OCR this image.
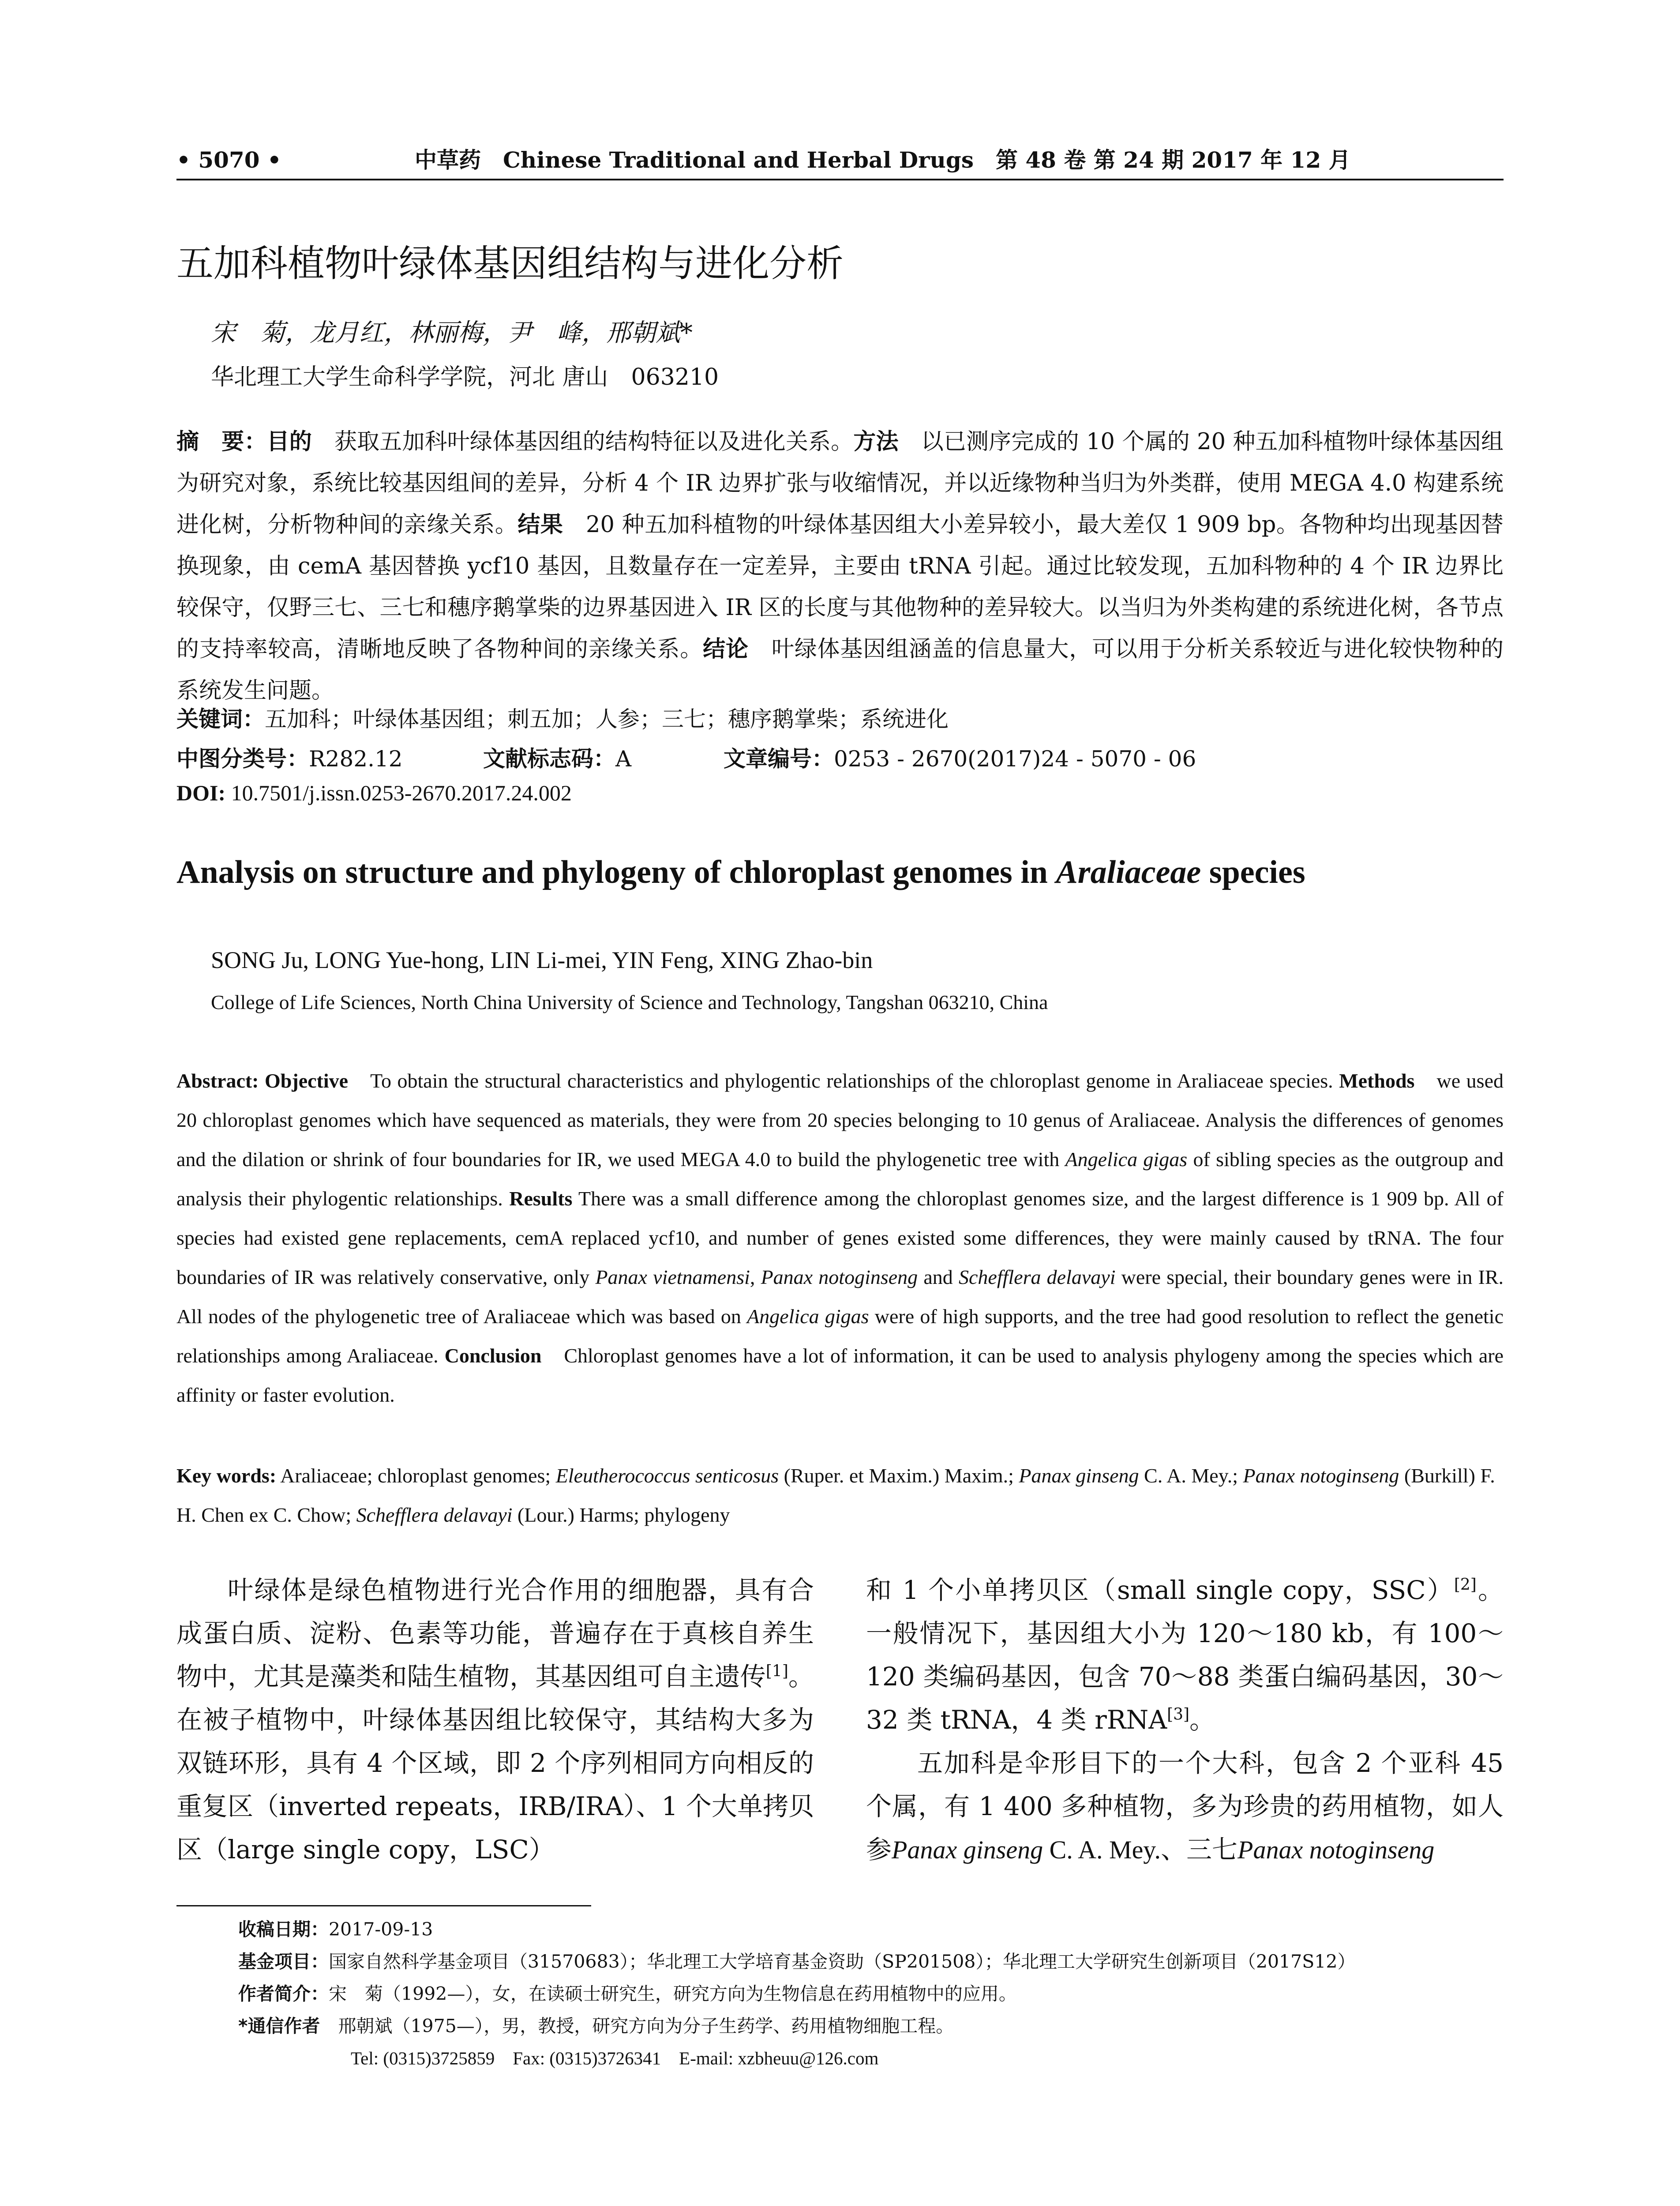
• 5070 •	中草药　Chinese Traditional and Herbal Drugs　第 48 卷 第 24 期 2017 年 12 月
五加科植物叶绿体基因组结构与进化分析
宋　菊，龙月红，林丽梅，尹　峰，邢朝斌*
华北理工大学生命科学学院，河北 唐山　063210
摘　要：目的　获取五加科叶绿体基因组的结构特征以及进化关系。方法　以已测序完成的 10 个属的 20 种五加科植物叶绿体基因组为研究对象，系统比较基因组间的差异，分析 4 个 IR 边界扩张与收缩情况，并以近缘物种当归为外类群，使用 MEGA 4.0 构建系统进化树，分析物种间的亲缘关系。结果　20 种五加科植物的叶绿体基因组大小差异较小，最大差仅 1 909 bp。各物种均出现基因替换现象，由 cemA 基因替换 ycf10 基因，且数量存在一定差异，主要由 tRNA 引起。通过比较发现，五加科物种的 4 个 IR 边界比较保守，仅野三七、三七和穗序鹅掌柴的边界基因进入 IR 区的长度与其他物种的差异较大。以当归为外类构建的系统进化树，各节点的支持率较高，清晰地反映了各物种间的亲缘关系。结论　叶绿体基因组涵盖的信息量大，可以用于分析关系较近与进化较快物种的系统发生问题。
关键词：五加科；叶绿体基因组；刺五加；人参；三七；穗序鹅掌柴；系统进化
中图分类号：R282.12	文献标志码：A	文章编号：0253 - 2670(2017)24 - 5070 - 06
DOI: 10.7501/j.issn.0253-2670.2017.24.002
Analysis on structure and phylogeny of chloroplast genomes in Araliaceae species
SONG Ju, LONG Yue-hong, LIN Li-mei, YIN Feng, XING Zhao-bin
College of Life Sciences, North China University of Science and Technology, Tangshan 063210, China
Abstract: Objective　To obtain the structural characteristics and phylogentic relationships of the chloroplast genome in Araliaceae species. Methods　we used 20 chloroplast genomes which have sequenced as materials, they were from 20 species belonging to 10 genus of Araliaceae. Analysis the differences of genomes and the dilation or shrink of four boundaries for IR, we used MEGA 4.0 to build the phylogenetic tree with Angelica gigas of sibling species as the outgroup and analysis their phylogentic relationships. Results There was a small difference among the chloroplast genomes size, and the largest difference is 1 909 bp. All of species had existed gene replacements, cemA replaced ycf10, and number of genes existed some differences, they were mainly caused by tRNA. The four boundaries of IR was relatively conservative, only Panax vietnamensi, Panax notoginseng and Schefflera delavayi were special, their boundary genes were in IR. All nodes of the phylogenetic tree of Araliaceae which was based on Angelica gigas were of high supports, and the tree had good resolution to reflect the genetic relationships among Araliaceae. Conclusion　Chloroplast genomes have a lot of information, it can be used to analysis phylogeny among the species which are affinity or faster evolution.
Key words: Araliaceae; chloroplast genomes; Eleutherococcus senticosus (Ruper. et Maxim.) Maxim.; Panax ginseng C. A. Mey.; Panax notoginseng (Burkill) F. H. Chen ex C. Chow; Schefflera delavayi (Lour.) Harms; phylogeny

叶绿体是绿色植物进行光合作用的细胞器，具有合成蛋白质、淀粉、色素等功能，普遍存在于真核自养生物中，尤其是藻类和陆生植物，其基因组可自主遗传[1]。在被子植物中，叶绿体基因组比较保守，其结构大多为双链环形，具有 4 个区域，即 2 个序列相同方向相反的重复区（inverted repeats，IRB/IRA）、1 个大单拷贝区（large single copy，LSC）

和 1 个小单拷贝区（small single copy，SSC）[2]。一般情况下，基因组大小为 120～180 kb，有 100～120 类编码基因，包含 70～88 类蛋白编码基因，30～32 类 tRNA，4 类 rRNA[3]。

五加科是伞形目下的一个大科，包含 2 个亚科 45 个属，有 1 400 多种植物，多为珍贵的药用植物，如人参Panax ginseng C. A. Mey.、三七Panax notoginseng

收稿日期：2017-09-13
基金项目：国家自然科学基金项目（31570683）；华北理工大学培育基金资助（SP201508）；华北理工大学研究生创新项目（2017S12）
作者简介：宋　菊（1992—），女，在读硕士研究生，研究方向为生物信息在药用植物中的应用。
*通信作者　邢朝斌（1975—），男，教授，研究方向为分子生药学、药用植物细胞工程。
Tel: (0315)3725859　Fax: (0315)3726341　E-mail: xzbheuu@126.com
